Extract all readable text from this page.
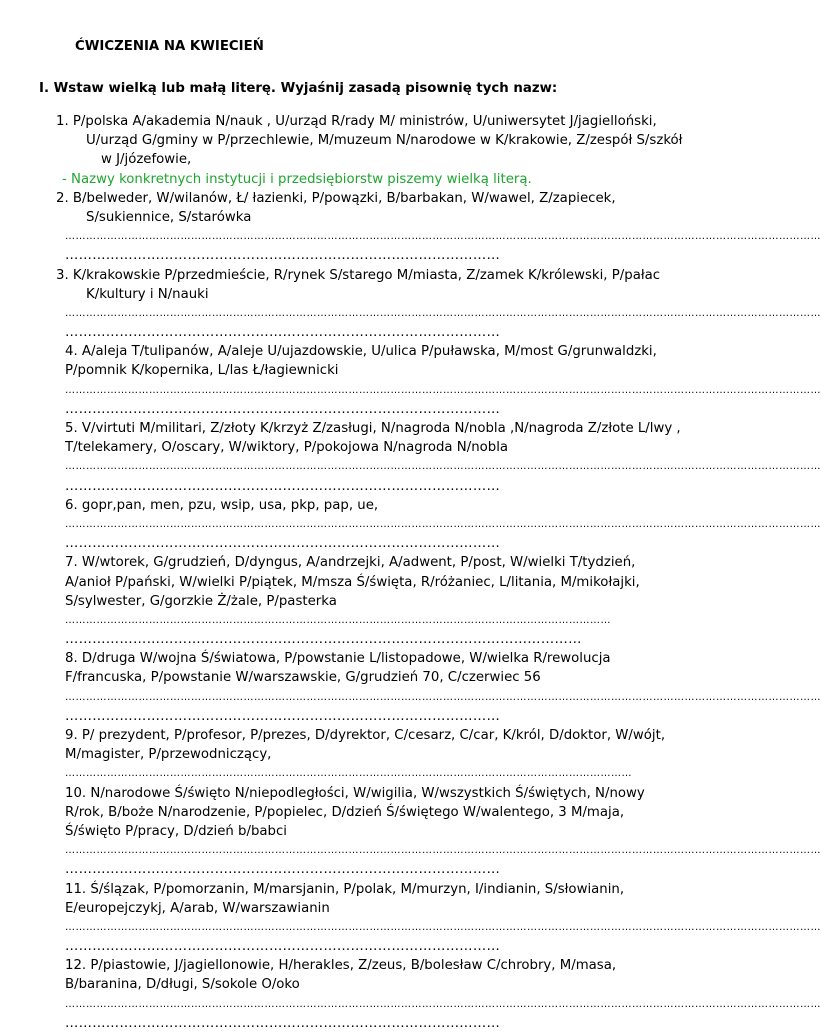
ĆWICZENIA NA KWIECIEŃ
I. Wstaw wielką lub małą literę. Wyjaśnij zasadą pisownię tych nazw:
1. P/polska A/akademia N/nauk , U/urząd R/rady M/ ministrów, U/uniwersytet J/jagielloński,
U/urząd G/gminy w P/przechlewie, M/muzeum N/narodowe w K/krakowie, Z/zespół S/szkół
w J/józefowie,
- Nazwy konkretnych instytucji i przedsiębiorstw piszemy wielką literą.
2. B/belweder, W/wilanów, Ł/ łazienki, P/powązki, B/barbakan, W/wawel, Z/zapiecek,
S/sukiennice, S/starówka
………………………………………………………………………………………………………………………………………………………………………………………………
……………………………………………………………………………………
3. K/krakowskie P/przedmieście, R/rynek S/starego M/miasta, Z/zamek K/królewski, P/pałac
K/kultury i N/nauki
………………………………………………………………………………………………………………………………………………………………………………………………
……………………………………………………………………………………
4. A/aleja T/tulipanów, A/aleje U/ujazdowskie, U/ulica P/puławska, M/most G/grunwaldzki,
P/pomnik K/kopernika, L/las Ł/łagiewnicki
………………………………………………………………………………………………………………………………………………………………………………………………
……………………………………………………………………………………
5. V/virtuti M/militari, Z/złoty K/krzyż Z/zasługi, N/nagroda N/nobla ,N/nagroda Z/złote L/lwy ,
T/telekamery, O/oscary, W/wiktory, P/pokojowa N/nagroda N/nobla
………………………………………………………………………………………………………………………………………………………………………………………………
……………………………………………………………………………………
6. gopr,pan, men, pzu, wsip, usa, pkp, pap, ue,
………………………………………………………………………………………………………………………………………………………………………………………………
……………………………………………………………………………………
7. W/wtorek, G/grudzień, D/dyngus, A/andrzejki, A/adwent, P/post, W/wielki T/tydzień,
A/anioł P/pański, W/wielki P/piątek, M/msza Ś/święta, R/różaniec, L/litania, M/mikołajki,
S/sylwester, G/gorzkie Ż/żale, P/pasterka
…………………………………………………………………………………………………………………………………………
……………………………………………………………………………………………………
8. D/druga W/wojna Ś/światowa, P/powstanie L/listopadowe, W/wielka R/rewolucja
F/francuska, P/powstanie W/warszawskie, G/grudzień 70, C/czerwiec 56
………………………………………………………………………………………………………………………………………………………………………………………………
……………………………………………………………………………………
9. P/ prezydent, P/profesor, P/prezes, D/dyrektor, C/cesarz, C/car, K/król, D/doktor, W/wójt,
M/magister, P/przewodniczący,
………………………………………………………………………………………………………………………………………………
10. N/narodowe Ś/święto N/niepodległości, W/wigilia, W/wszystkich Ś/świętych, N/nowy
R/rok, B/boże N/narodzenie, P/popielec, D/dzień Ś/świętego W/walentego, 3 M/maja,
Ś/święto P/pracy, D/dzień b/babci
………………………………………………………………………………………………………………………………………………………………………………………………
……………………………………………………………………………………
11. Ś/ślązak, P/pomorzanin, M/marsjanin, P/polak, M/murzyn, I/indianin, S/słowianin,
E/europejczykj, A/arab, W/warszawianin
………………………………………………………………………………………………………………………………………………………………………………………………
……………………………………………………………………………………
12. P/piastowie, J/jagiellonowie, H/herakles, Z/zeus, B/bolesław C/chrobry, M/masa,
B/baranina, D/długi, S/sokole O/oko
………………………………………………………………………………………………………………………………………………………………………………………………
……………………………………………………………………………………
